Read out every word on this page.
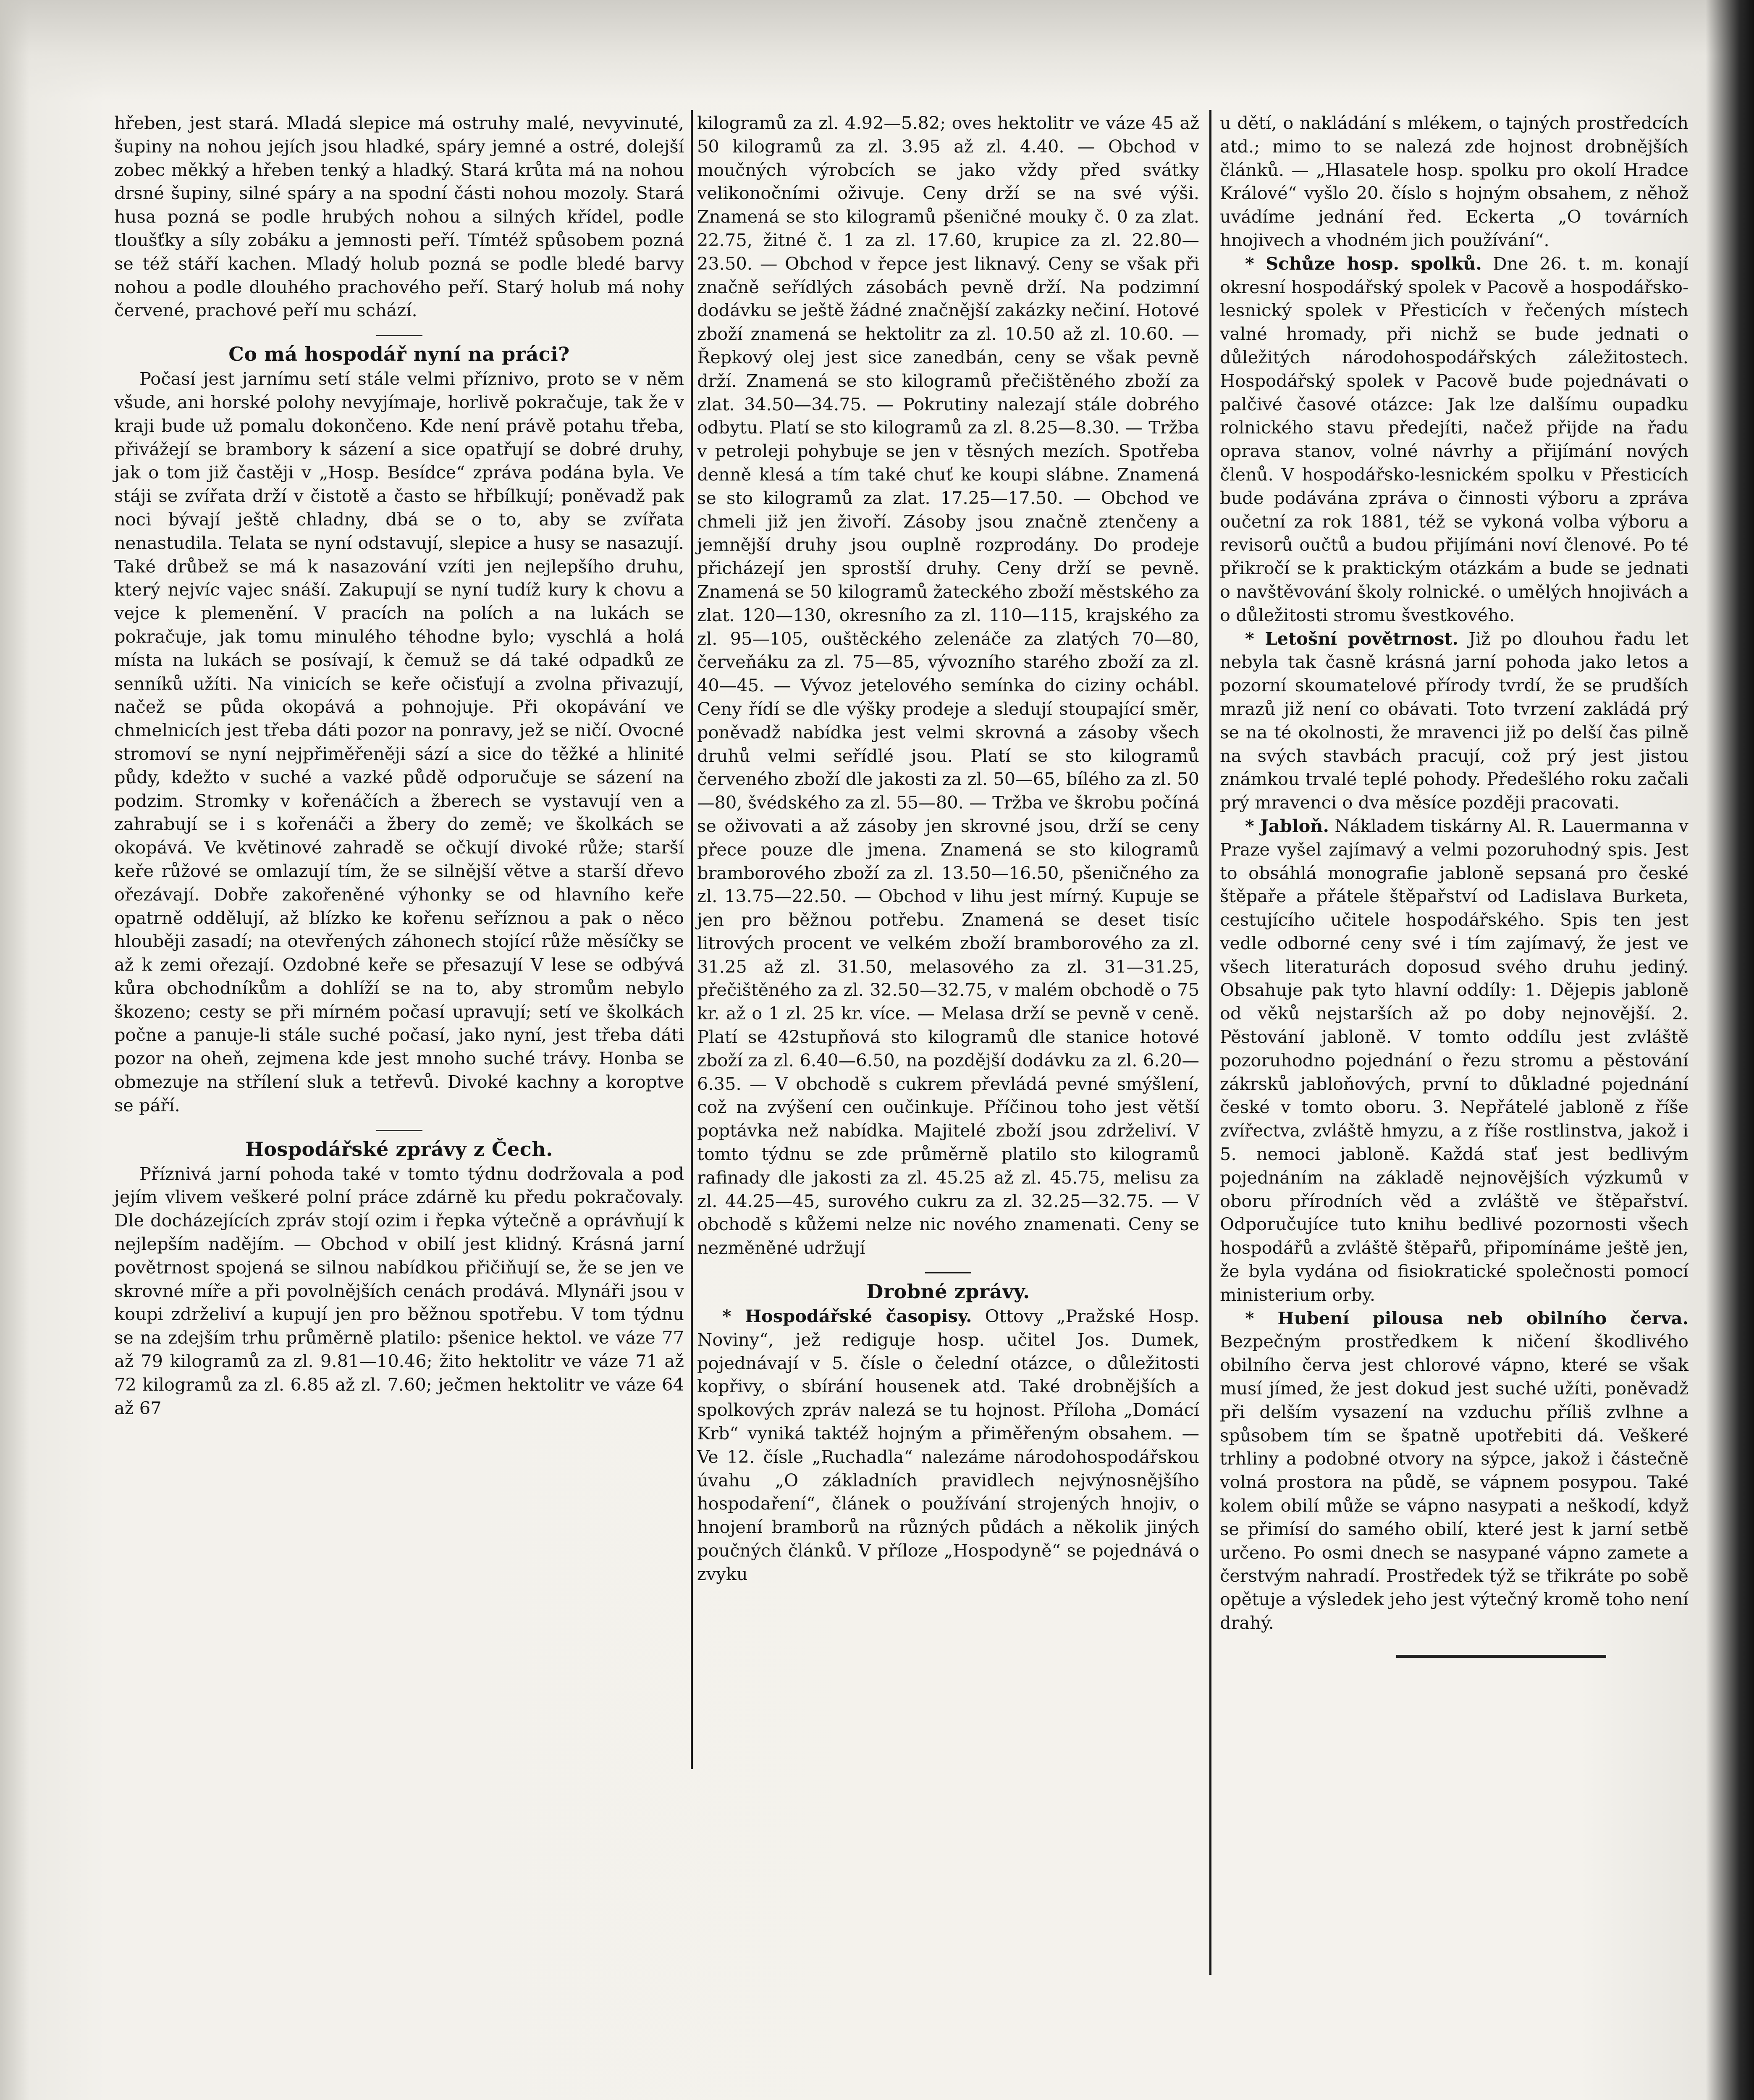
hřeben, jest stará. Mladá slepice má ostruhy malé, nevyvinuté, šupiny na nohou jejích jsou hladké, spáry jemné a ostré, dolejší zobec měkký a hřeben tenký a hladký. Stará krůta má na nohou drsné šupiny, silné spáry a na spodní části nohou mozoly. Stará husa pozná se podle hrubých nohou a silných křídel, podle tloušťky a síly zobáku a jemnosti peří. Tímtéž spůsobem pozná se též stáří kachen. Mladý holub pozná se podle bledé barvy nohou a podle dlouhého prachového peří. Starý holub má nohy červené, prachové peří mu schází.

Co má hospodář nyní na práci?

Počasí jest jarnímu setí stále velmi příznivo, proto se v něm všude, ani horské polohy nevyjímaje, horlivě pokračuje, tak že v kraji bude už pomalu dokončeno. Kde není právě potahu třeba, přivážejí se brambory k sázení a sice opatřují se dobré druhy, jak o tom již častěji v „Hosp. Besídce“ zpráva podána byla. Ve stáji se zvířata drží v čistotě a často se hřbílkují; poněvadž pak noci bývají ještě chladny, dbá se o to, aby se zvířata nenastudila. Telata se nyní odstavují, slepice a husy se nasazují. Také drůbež se má k nasazování vzíti jen nejlepšího druhu, který nejvíc vajec snáší. Zakupují se nyní tudíž kury k chovu a vejce k plemenění. V pracích na polích a na lukách se pokračuje, jak tomu minulého téhodne bylo; vyschlá a holá místa na lukách se posívají, k čemuž se dá také odpadků ze senníků užíti. Na vinicích se keře očisťují a zvolna přivazují, načež se půda okopává a pohnojuje. Při okopávání ve chmelnicích jest třeba dáti pozor na ponravy, jež se ničí. Ovocné stromoví se nyní nejpřiměřeněji sází a sice do těžké a hlinité půdy, kdežto v suché a vazké půdě odporučuje se sázení na podzim. Stromky v kořenáčích a žberech se vystavují ven a zahrabují se i s kořenáči a žbery do země; ve školkách se okopává. Ve květinové zahradě se očkují divoké růže; starší keře růžové se omlazují tím, že se silnější větve a starší dřevo ořezávají. Dobře zakořeněné výhonky se od hlavního keře opatrně oddělují, až blízko ke kořenu seříznou a pak o něco hlouběji zasadí; na otevřených záhonech stojící růže měsíčky se až k zemi ořezají. Ozdobné keře se přesazují V lese se odbývá kůra obchodníkům a dohlíží se na to, aby stromům nebylo škozeno; cesty se při mírném počasí upravují; setí ve školkách počne a panuje-li stále suché počasí, jako nyní, jest třeba dáti pozor na oheň, zejmena kde jest mnoho suché trávy. Honba se obmezuje na střílení sluk a tetřevů. Divoké kachny a koroptve se páří.

Hospodářské zprávy z Čech.

Příznivá jarní pohoda také v tomto týdnu dodržovala a pod jejím vlivem veškeré polní práce zdárně ku předu pokračovaly. Dle docházejících zpráv stojí ozim i řepka výtečně a oprávňují k nejlepším nadějím. — Obchod v obilí jest klidný. Krásná jarní povětrnost spojená se silnou nabídkou přičiňují se, že se jen ve skrovné míře a při povolnějších cenách prodává. Mlynáři jsou v koupi zdrželiví a kupují jen pro běžnou spotřebu. V tom týdnu se na zdejším trhu průměrně platilo: pšenice hektol. ve váze 77 až 79 kilogramů za zl. 9.81—10.46; žito hektolitr ve váze 71 až 72 kilogramů za zl. 6.85 až zl. 7.60; ječmen hektolitr ve váze 64 až 67

kilogramů za zl. 4.92—5.82; oves hektolitr ve váze 45 až 50 kilogramů za zl. 3.95 až zl. 4.40. — Obchod v moučných výrobcích se jako vždy před svátky velikonočními oživuje. Ceny drží se na své výši. Znamená se sto kilogramů pšeničné mouky č. 0 za zlat. 22.75, žitné č. 1 za zl. 17.60, krupice za zl. 22.80—23.50. — Obchod v řepce jest liknavý. Ceny se však při značně seřídlých zásobách pevně drží. Na podzimní dodávku se ještě žádné značnější zakázky nečiní. Hotové zboží znamená se hektolitr za zl. 10.50 až zl. 10.60. — Řepkový olej jest sice zanedbán, ceny se však pevně drží. Znamená se sto kilogramů přečištěného zboží za zlat. 34.50—34.75. — Pokrutiny nalezají stále dobrého odbytu. Platí se sto kilogramů za zl. 8.25—8.30. — Tržba v petroleji pohybuje se jen v těsných mezích. Spotřeba denně klesá a tím také chuť ke koupi slábne. Znamená se sto kilogramů za zlat. 17.25—17.50. — Obchod ve chmeli již jen živoří. Zásoby jsou značně ztenčeny a jemnější druhy jsou ouplně rozprodány. Do prodeje přicházejí jen sprostší druhy. Ceny drží se pevně. Znamená se 50 kilogramů žateckého zboží městského za zlat. 120—130, okresního za zl. 110—115, krajského za zl. 95—105, ouštěckého zelenáče za zlatých 70—80, červeňáku za zl. 75—85, vývozního starého zboží za zl. 40—45. — Vývoz jetelového semínka do ciziny ochábl. Ceny řídí se dle výšky prodeje a sledují stoupající směr, poněvadž nabídka jest velmi skrovná a zásoby všech druhů velmi seřídlé jsou. Platí se sto kilogramů červeného zboží dle jakosti za zl. 50—65, bílého za zl. 50—80, švédského za zl. 55—80. — Tržba ve škrobu počíná se oživovati a až zásoby jen skrovné jsou, drží se ceny přece pouze dle jmena. Znamená se sto kilogramů bramborového zboží za zl. 13.50—16.50, pšeničného za zl. 13.75—22.50. — Obchod v lihu jest mírný. Kupuje se jen pro běžnou potřebu. Znamená se deset tisíc litrových procent ve velkém zboží bramborového za zl. 31.25 až zl. 31.50, melasového za zl. 31—31.25, přečištěného za zl. 32.50—32.75, v malém obchodě o 75 kr. až o 1 zl. 25 kr. více. — Melasa drží se pevně v ceně. Platí se 42stupňová sto kilogramů dle stanice hotové zboží za zl. 6.40—6.50, na pozdější dodávku za zl. 6.20—6.35. — V obchodě s cukrem převládá pevné smýšlení, což na zvýšení cen oučinkuje. Příčinou toho jest větší poptávka než nabídka. Majitelé zboží jsou zdrželiví. V tomto týdnu se zde průměrně platilo sto kilogramů rafinady dle jakosti za zl. 45.25 až zl. 45.75, melisu za zl. 44.25—45, surového cukru za zl. 32.25—32.75. — V obchodě s kůžemi nelze nic nového znamenati. Ceny se nezměněné udržují

Drobné zprávy.

* Hospodářské časopisy. Ottovy „Pražské Hosp. Noviny“, jež rediguje hosp. učitel Jos. Dumek, pojednávají v 5. čísle o čelední otázce, o důležitosti kopřivy, o sbírání housenek atd. Také drobnějších a spolkových zpráv nalezá se tu hojnost. Příloha „Domácí Krb“ vyniká taktéž hojným a přiměřeným obsahem. — Ve 12. čísle „Ruchadla“ nalezáme národohospodářskou úvahu „O základních pravidlech nejvýnosnějšího hospodaření“, článek o používání strojených hnojiv, o hnojení bramborů na různých půdách a několik jiných poučných článků. V příloze „Hospodyně“ se pojednává o zvyku

u dětí, o nakládání s mlékem, o tajných prostředcích atd.; mimo to se nalezá zde hojnost drobnějších článků. — „Hlasatele hosp. spolku pro okolí Hradce Králové“ vyšlo 20. číslo s hojným obsahem, z něhož uvádíme jednání řed. Eckerta „O továrních hnojivech a vhodném jich používání“.

* Schůze hosp. spolků. Dne 26. t. m. konají okresní hospodářský spolek v Pacově a hospodářsko-lesnický spolek v Přesticích v řečených místech valné hromady, při nichž se bude jednati o důležitých národohospodářských záležitostech. Hospodářský spolek v Pacově bude pojednávati o palčivé časové otázce: Jak lze dalšímu oupadku rolnického stavu předejíti, načež přijde na řadu oprava stanov, volné návrhy a přijímání nových členů. V hospodářsko-lesnickém spolku v Přesticích bude podávána zpráva o činnosti výboru a zpráva oučetní za rok 1881, též se vykoná volba výboru a revisorů oučtů a budou přijímáni noví členové. Po té přikročí se k praktickým otázkám a bude se jednati o navštěvování školy rolnické. o umělých hnojivách a o důležitosti stromu švestkového.

* Letošní povětrnost. Již po dlouhou řadu let nebyla tak časně krásná jarní pohoda jako letos a pozorní skoumatelové přírody tvrdí, že se prudších mrazů již není co obávati. Toto tvrzení zakládá prý se na té okolnosti, že mravenci již po delší čas pilně na svých stavbách pracují, což prý jest jistou známkou trvalé teplé pohody. Předešlého roku začali prý mravenci o dva měsíce později pracovati.

* Jabloň. Nákladem tiskárny Al. R. Lauermanna v Praze vyšel zajímavý a velmi pozoruhodný spis. Jest to obsáhlá monografie jabloně sepsaná pro české štěpaře a přátele štěpařství od Ladislava Burketa, cestujícího učitele hospodářského. Spis ten jest vedle odborné ceny své i tím zajímavý, že jest ve všech literaturách doposud svého druhu jediný. Obsahuje pak tyto hlavní oddíly: 1. Dějepis jabloně od věků nejstarších až po doby nejnovější. 2. Pěstování jabloně. V tomto oddílu jest zvláště pozoruhodno pojednání o řezu stromu a pěstování zákrsků jabloňových, první to důkladné pojednání české v tomto oboru. 3. Nepřátelé jabloně z říše zvířectva, zvláště hmyzu, a z říše rostlinstva, jakož i 5. nemoci jabloně. Každá stať jest bedlivým pojednáním na základě nejnovějších výzkumů v oboru přírodních věd a zvláště ve štěpařství. Odporučujíce tuto knihu bedlivé pozornosti všech hospodářů a zvláště štěpařů, připomínáme ještě jen, že byla vydána od fisiokratické společnosti pomocí ministerium orby.

* Hubení pilousa neb obilního červa. Bezpečným prostředkem k ničení škodlivého obilního červa jest chlorové vápno, které se však musí jímed, že jest dokud jest suché užíti, poněvadž při delším vysazení na vzduchu příliš zvlhne a spůsobem tím se špatně upotřebiti dá. Veškeré trhliny a podobné otvory na sýpce, jakož i částečně volná prostora na půdě, se vápnem posypou. Také kolem obilí může se vápno nasypati a neškodí, když se přimísí do samého obilí, které jest k jarní setbě určeno. Po osmi dnech se nasypané vápno zamete a čerstvým nahradí. Prostředek týž se třikráte po sobě opětuje a výsledek jeho jest výtečný kromě toho není drahý.
